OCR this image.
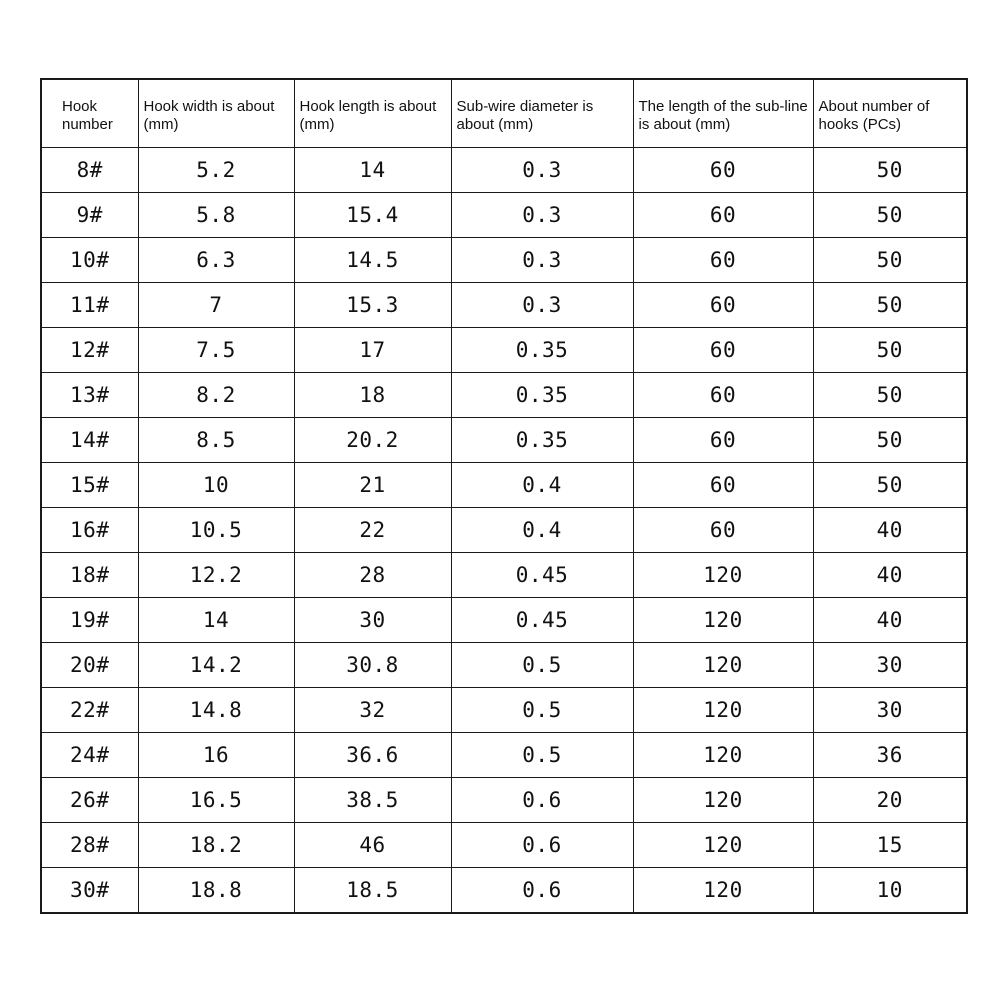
Hook number	Hook width is about (mm)	Hook length is about (mm)	Sub-wire diameter is about (mm)	The length of the sub-line is about (mm)	About number of hooks (PCs)
8#	5.2	14	0.3	60	50
9#	5.8	15.4	0.3	60	50
10#	6.3	14.5	0.3	60	50
11#	7	15.3	0.3	60	50
12#	7.5	17	0.35	60	50
13#	8.2	18	0.35	60	50
14#	8.5	20.2	0.35	60	50
15#	10	21	0.4	60	50
16#	10.5	22	0.4	60	40
18#	12.2	28	0.45	120	40
19#	14	30	0.45	120	40
20#	14.2	30.8	0.5	120	30
22#	14.8	32	0.5	120	30
24#	16	36.6	0.5	120	36
26#	16.5	38.5	0.6	120	20
28#	18.2	46	0.6	120	15
30#	18.8	18.5	0.6	120	10
